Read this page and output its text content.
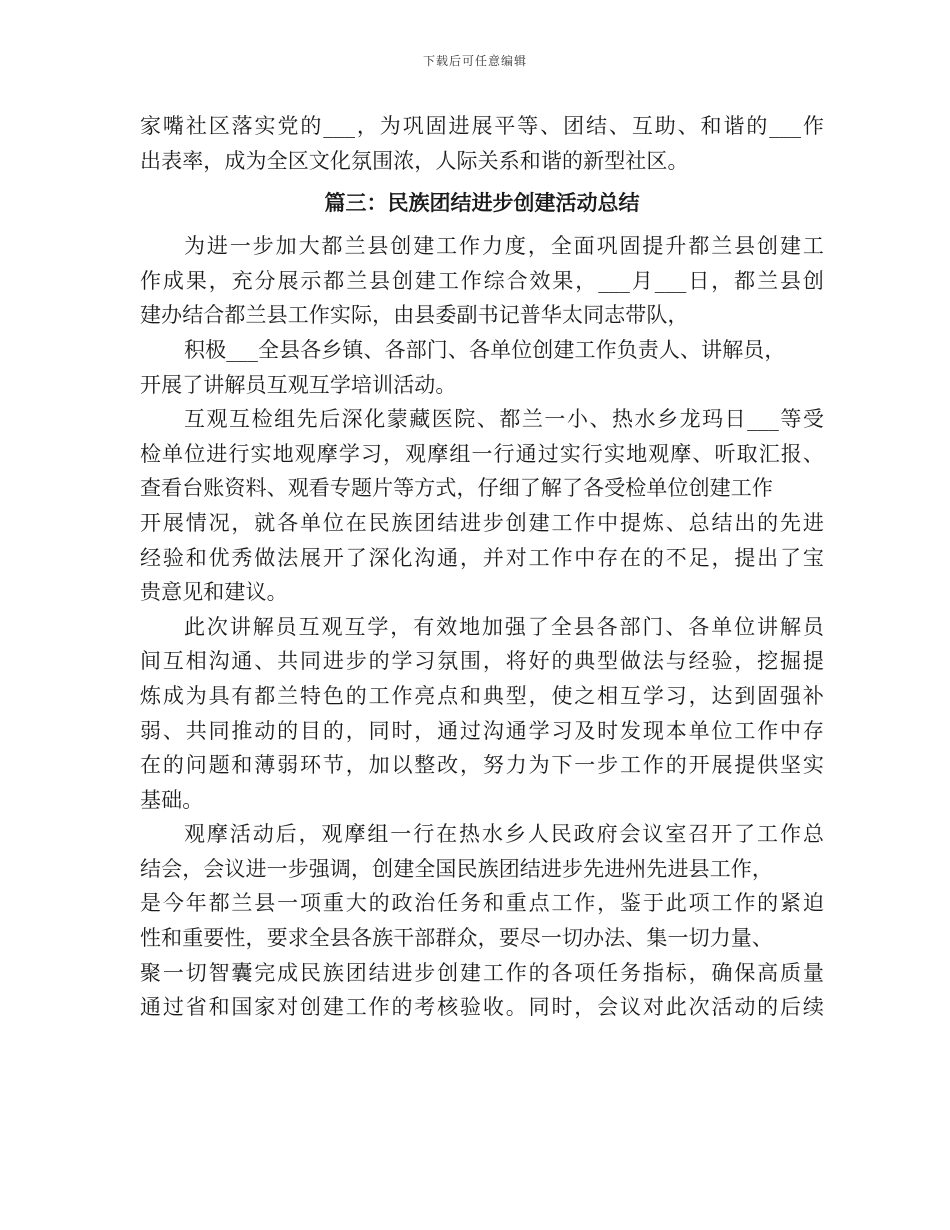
下载后可任意编辑

家嘴社区落实党的___，为巩固进展平等、团结、互助、和谐的___作

出表率，成为全区文化氛围浓，人际关系和谐的新型社区。

篇三：民族团结进步创建活动总结

为进一步加大都兰县创建工作力度，全面巩固提升都兰县创建工

作成果，充分展示都兰县创建工作综合效果，___月___日，都兰县创

建办结合都兰县工作实际，由县委副书记普华太同志带队，

积极___全县各乡镇、各部门、各单位创建工作负责人、讲解员，

开展了讲解员互观互学培训活动。

互观互检组先后深化蒙藏医院、都兰一小、热水乡龙玛日___等受

检单位进行实地观摩学习，观摩组一行通过实行实地观摩、听取汇报、

查看台账资料、观看专题片等方式，仔细了解了各受检单位创建工作

开展情况，就各单位在民族团结进步创建工作中提炼、总结出的先进

经验和优秀做法展开了深化沟通，并对工作中存在的不足，提出了宝

贵意见和建议。

此次讲解员互观互学，有效地加强了全县各部门、各单位讲解员

间互相沟通、共同进步的学习氛围，将好的典型做法与经验，挖掘提

炼成为具有都兰特色的工作亮点和典型，使之相互学习，达到固强补

弱、共同推动的目的，同时，通过沟通学习及时发现本单位工作中存

在的问题和薄弱环节，加以整改，努力为下一步工作的开展提供坚实

基础。

观摩活动后，观摩组一行在热水乡人民政府会议室召开了工作总

结会，会议进一步强调，创建全国民族团结进步先进州先进县工作，

是今年都兰县一项重大的政治任务和重点工作，鉴于此项工作的紧迫

性和重要性，要求全县各族干部群众，要尽一切办法、集一切力量、

聚一切智囊完成民族团结进步创建工作的各项任务指标，确保高质量

通过省和国家对创建工作的考核验收。同时，会议对此次活动的后续
